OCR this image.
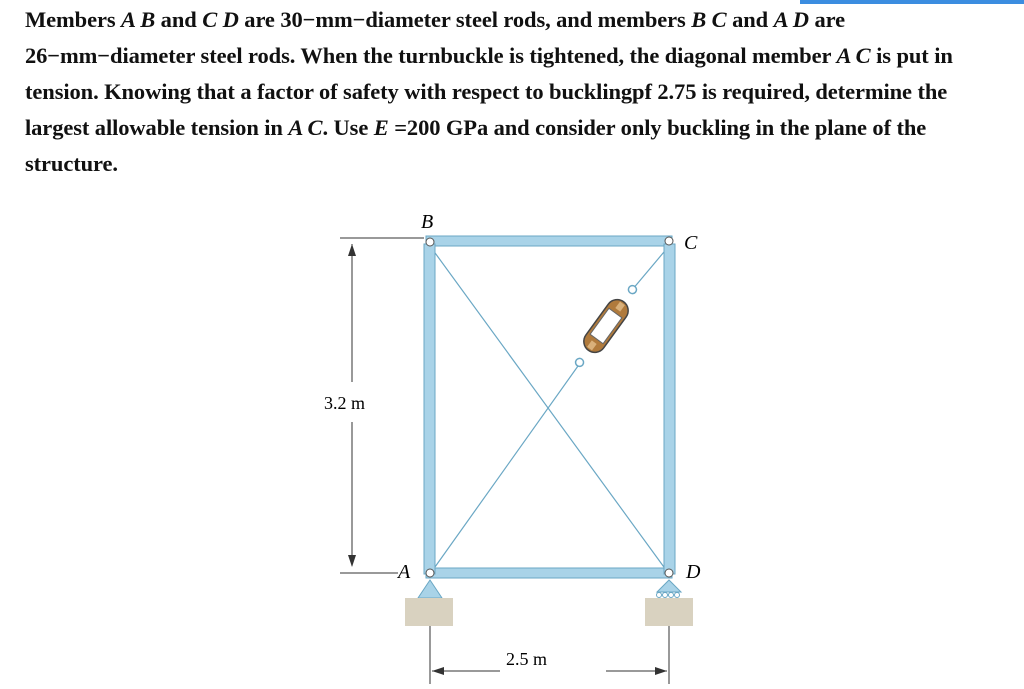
Members A B and C D are 30−mm−diameter steel rods, and members B C and A D are 26−mm−diameter steel rods. When the turnbuckle is tightened, the diagonal member A C is put in tension. Knowing that a factor of safety with respect to bucklingpf 2.75 is required, determine the largest allowable tension in A C. Use E =200 GPa and consider only buckling in the plane of the structure.
B
C
A	D
3.2 m
2.5 m
